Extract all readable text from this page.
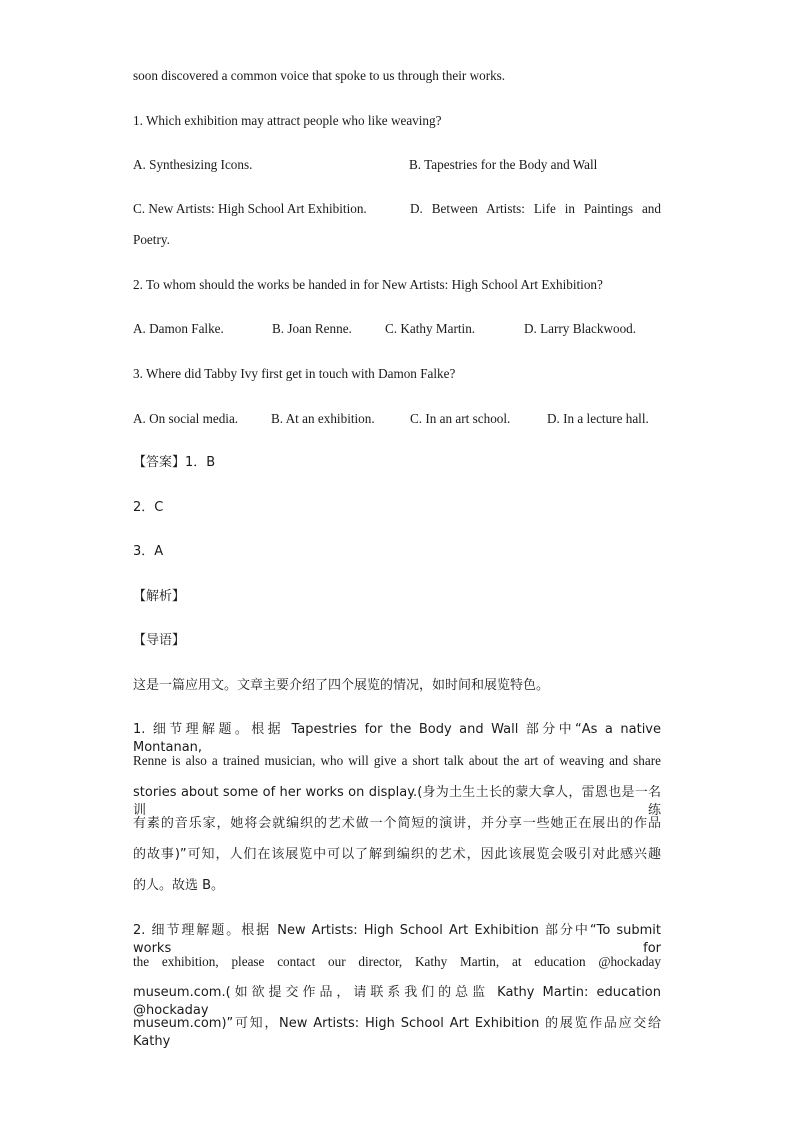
soon discovered a common voice that spoke to us through their works.
1. Which exhibition may attract people who like weaving?
A. Synthesizing Icons.	B. Tapestries for the Body and Wall
C. New Artists: High School Art Exhibition.	D. Between Artists: Life in Paintings and
Poetry.
2. To whom should the works be handed in for New Artists: High School Art Exhibition?
A. Damon Falke.	B. Joan Renne.	C. Kathy Martin.	D. Larry Blackwood.
3. Where did Tabby Ivy first get in touch with Damon Falke?
A. On social media. B. At an exhibition.	C. In an art school.	D. In a lecture hall.
【答案】1．B
2．C
3．A
【解析】
【导语】
这是一篇应用文。文章主要介绍了四个展览的情况，如时间和展览特色。
1. 细节理解题。根据 Tapestries for the Body and Wall 部分中“As a native Montanan,
Renne is also a trained musician, who will give a short talk about the art of weaving and share
stories about some of her works on display.(身为土生土长的蒙大拿人，雷恩也是一名训练
有素的音乐家，她将会就编织的艺术做一个简短的演讲，并分享一些她正在展出的作品
的故事)”可知，人们在该展览中可以了解到编织的艺术，因此该展览会吸引对此感兴趣
的人。故选 B。
2. 细节理解题。根据 New Artists: High School Art Exhibition 部分中“To submit works for
the exhibition, please contact our director, Kathy Martin, at education @hockaday
museum.com.(如欲提交作品，请联系我们的总监 Kathy Martin: education @hockaday
museum.com)”可知，New Artists: High School Art Exhibition 的展览作品应交给 Kathy
